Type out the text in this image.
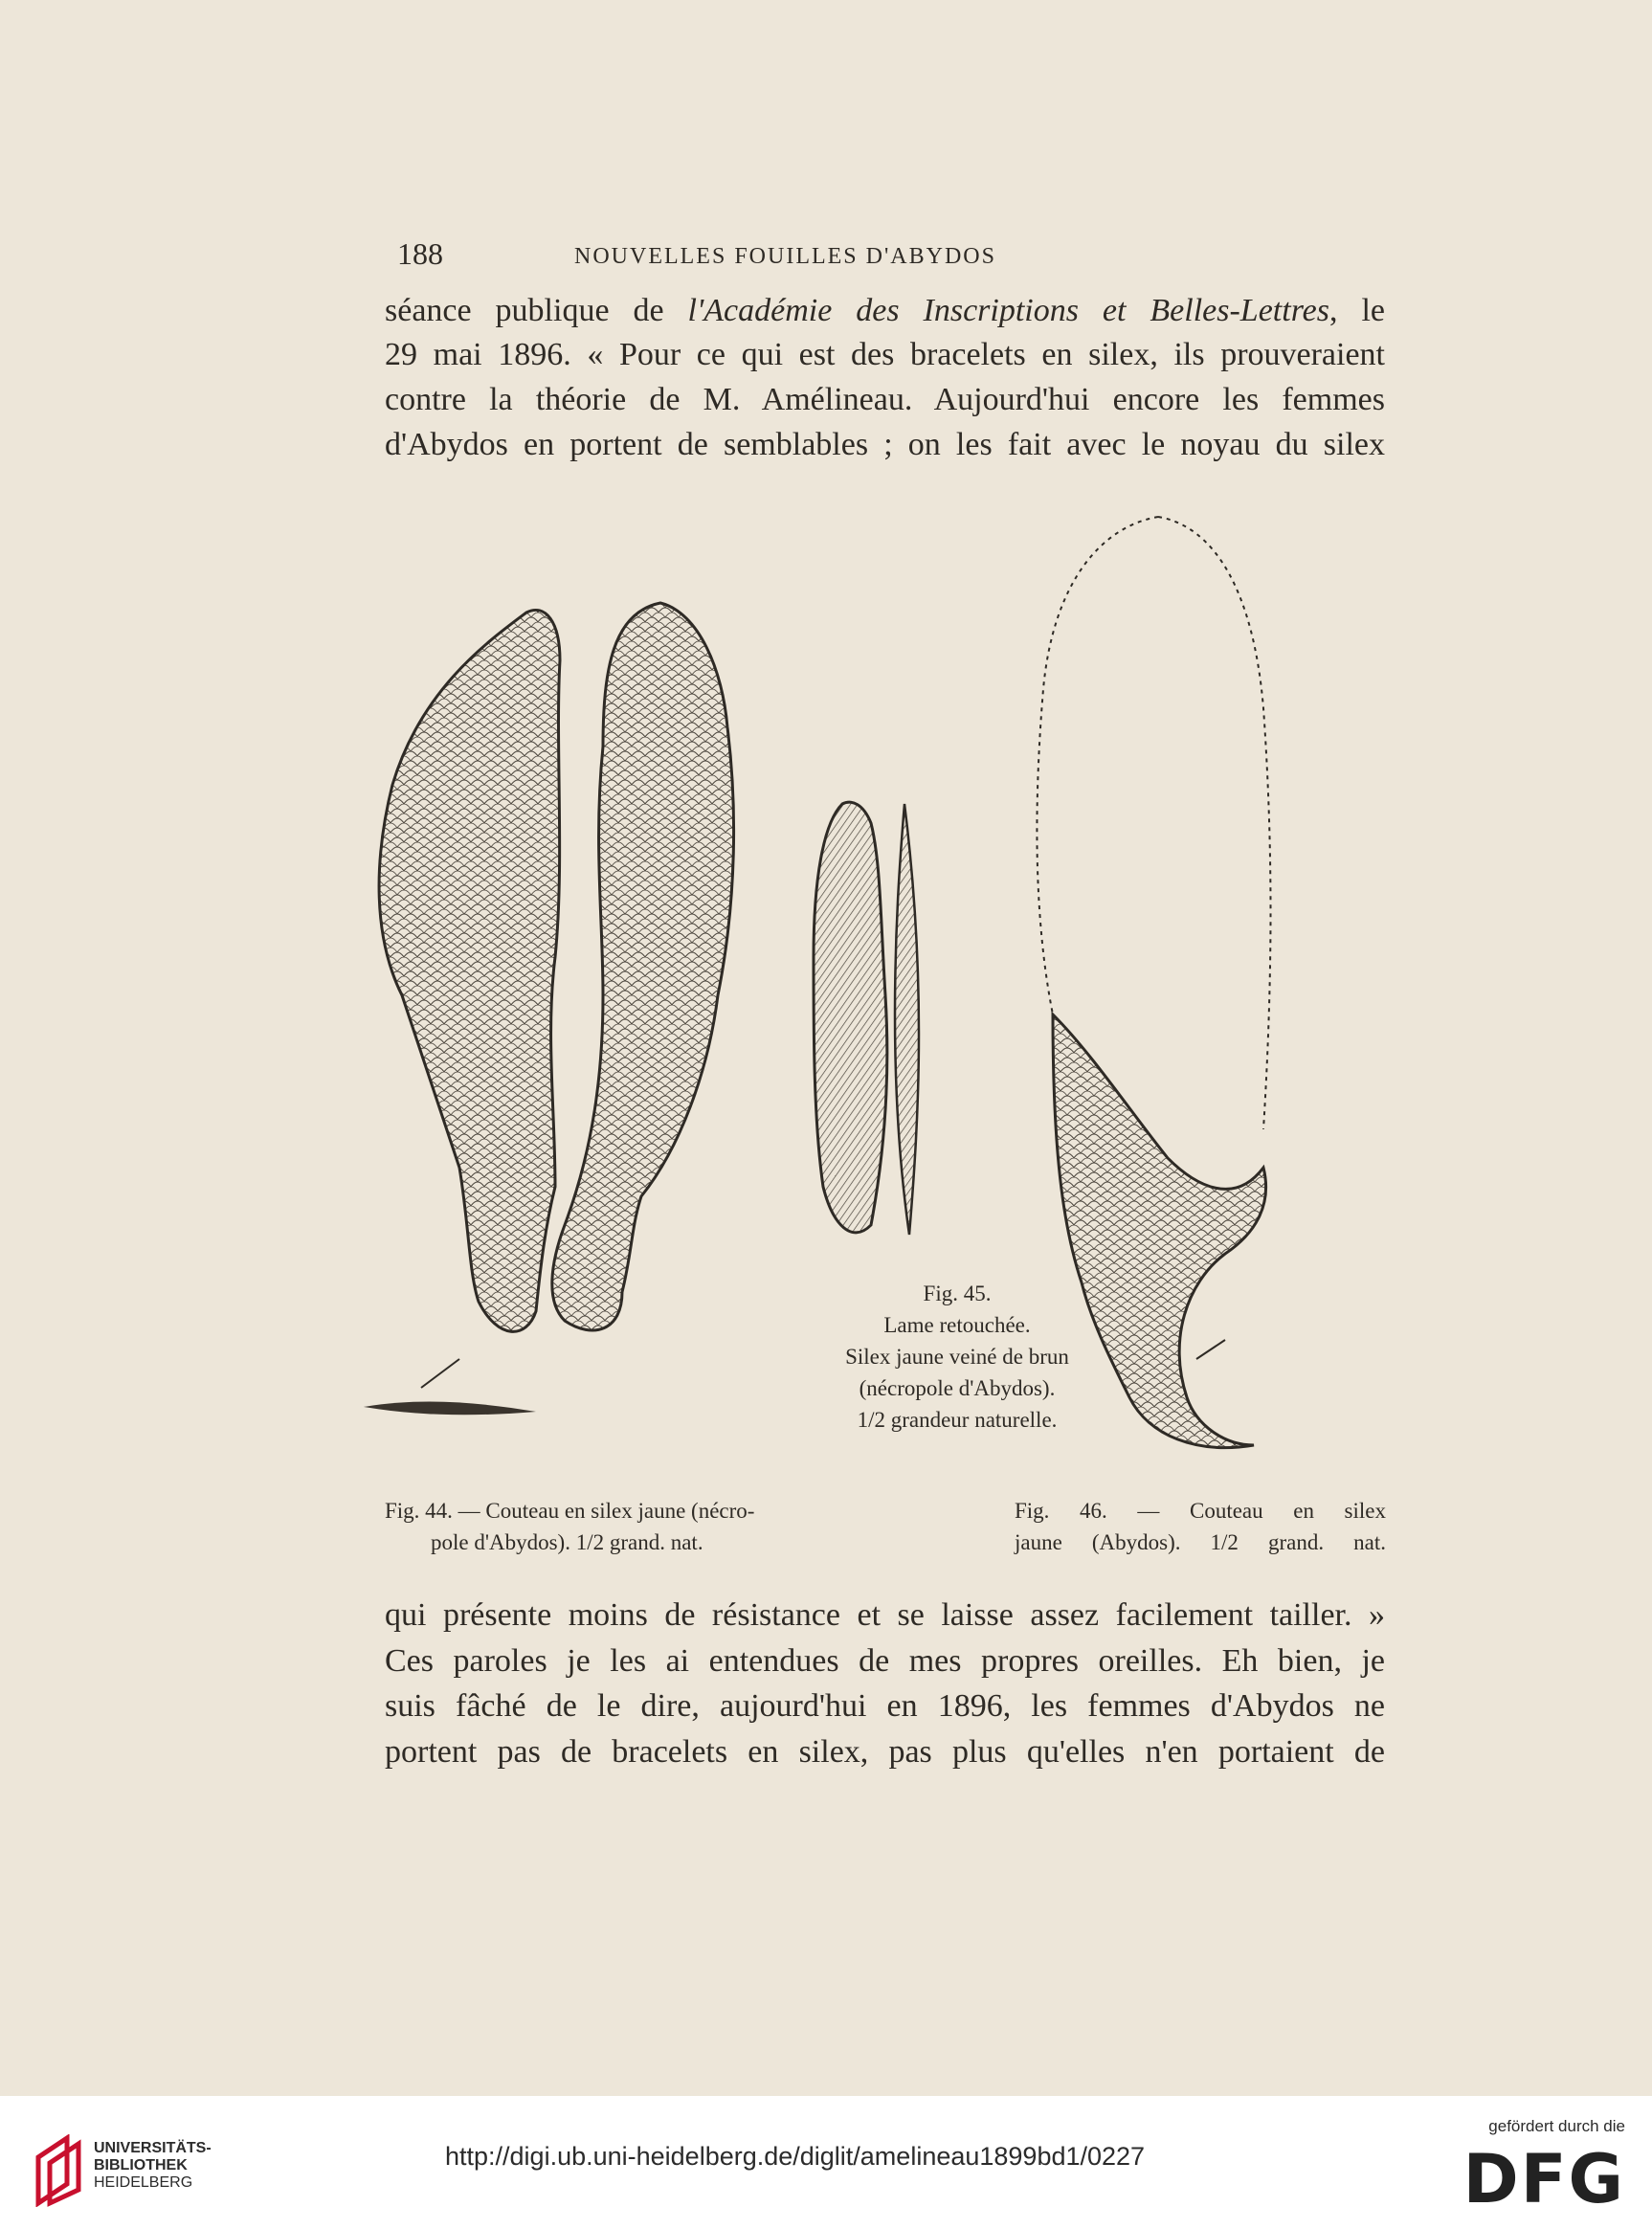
188	NOUVELLES FOUILLES D'ABYDOS
séance publique de l'Académie des Inscriptions et Belles-Lettres, le
29 mai 1896. « Pour ce qui est des bracelets en silex, ils prouveraient
contre la théorie de M. Amélineau. Aujourd'hui encore les femmes
d'Abydos en portent de semblables ; on les fait avec le noyau du silex
Fig. 45.
Lame retouchée.
Silex jaune veiné de brun
(nécropole d'Abydos).
1/2 grandeur naturelle.
Fig. 44. — Couteau en silex jaune (nécro-
pole d'Abydos). 1/2 grand. nat.
Fig. 46. — Couteau en silex
jaune (Abydos). 1/2 grand. nat.
qui présente moins de résistance et se laisse assez facilement tailler. »
Ces paroles je les ai entendues de mes propres oreilles. Eh bien, je
suis fâché de le dire, aujourd'hui en 1896, les femmes d'Abydos ne
portent pas de bracelets en silex, pas plus qu'elles n'en portaient de
UNIVERSITÄTS-
BIBLIOTHEK
HEIDELBERG
http://digi.ub.uni-heidelberg.de/diglit/amelineau1899bd1/0227
gefördert durch die
DFG
